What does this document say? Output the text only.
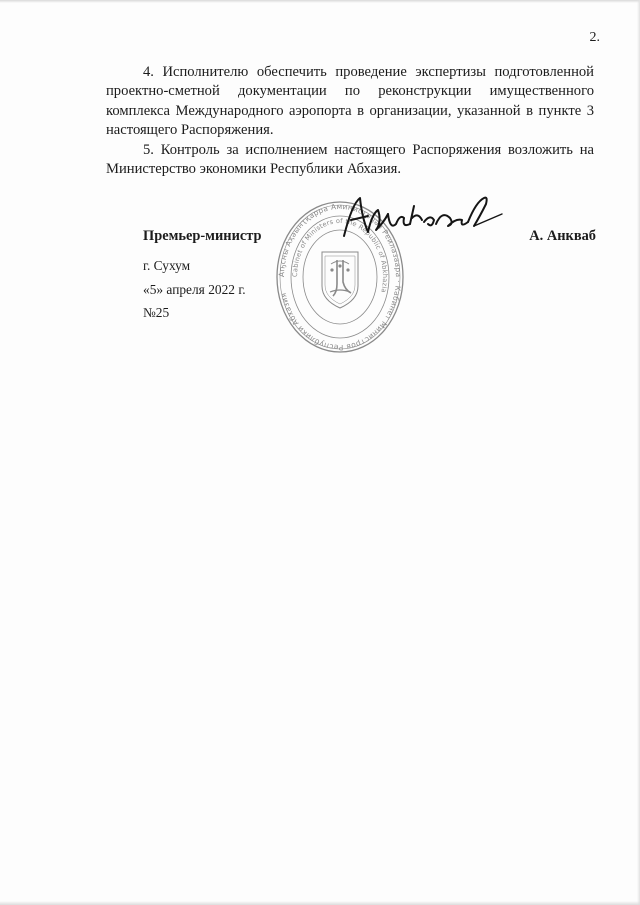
2.

4. Исполнителю обеспечить проведение экспертизы подготовленной проектно-сметной документации по реконструкции имущественного комплекса Международного аэропорта в организации, указанной в пункте 3 настоящего Распоряжения.

5. Контроль за исполнением настоящего Распоряжения возложить на Министерство экономики Республики Абхазия.

Аҧсны Аҳәынҭқарра Аминистрцәа Реилазаара · Кабинет Министров Республики Абхазия
Cabinet of Ministers of the Republic of Abkhazia
Премьер-министр	А. Анкваб
г. Сухум
«5» апреля 2022 г.
№25
